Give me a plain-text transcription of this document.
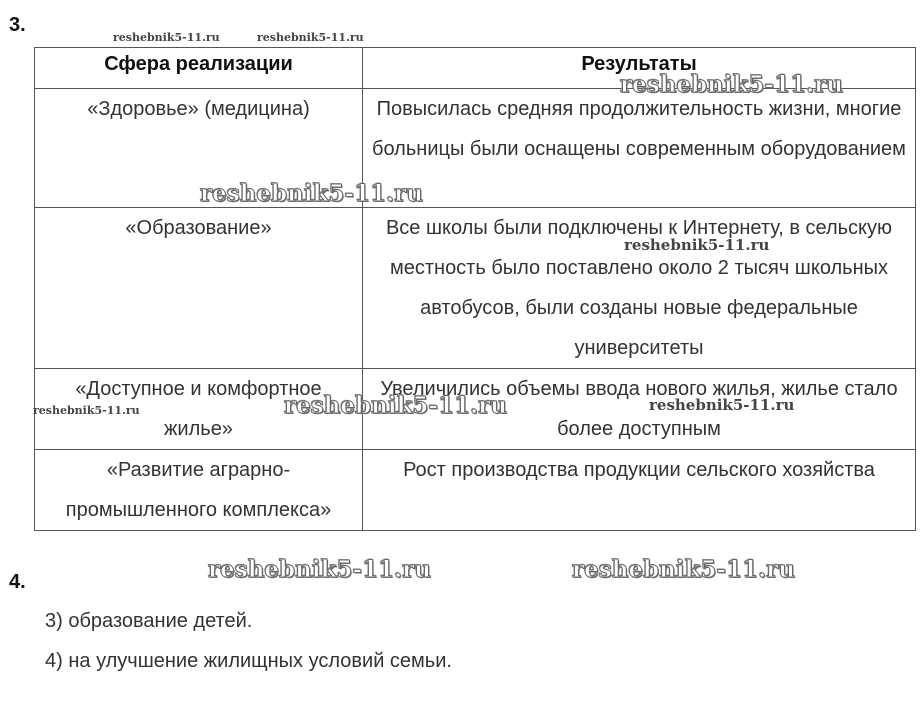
3.
Сфера реализации	Результаты
«Здоровье» (медицина)	Повысилась средняя продолжительность жизни, многие больницы были оснащены современным оборудованием
«Образование»	Все школы были подключены к Интернету, в сельскую местность было поставлено около 2 тысяч школьных автобусов, были созданы новые федеральные университеты
«Доступное и комфортное жилье»	Увеличились объемы ввода нового жилья, жилье стало более доступным
«Развитие аграрно-промышленного комплекса»	Рост производства продукции сельского хозяйства
4.
3) образование детей.
4) на улучшение жилищных условий семьи.
reshebnik5-11.ru	reshebnik5-11.ru
reshebnik5-11.ru
reshebnik5-11.ru
reshebnik5-11.ru
reshebnik5-11.ru	reshebnik5-11.ru	reshebnik5-11.ru
reshebnik5-11.ru	reshebnik5-11.ru
